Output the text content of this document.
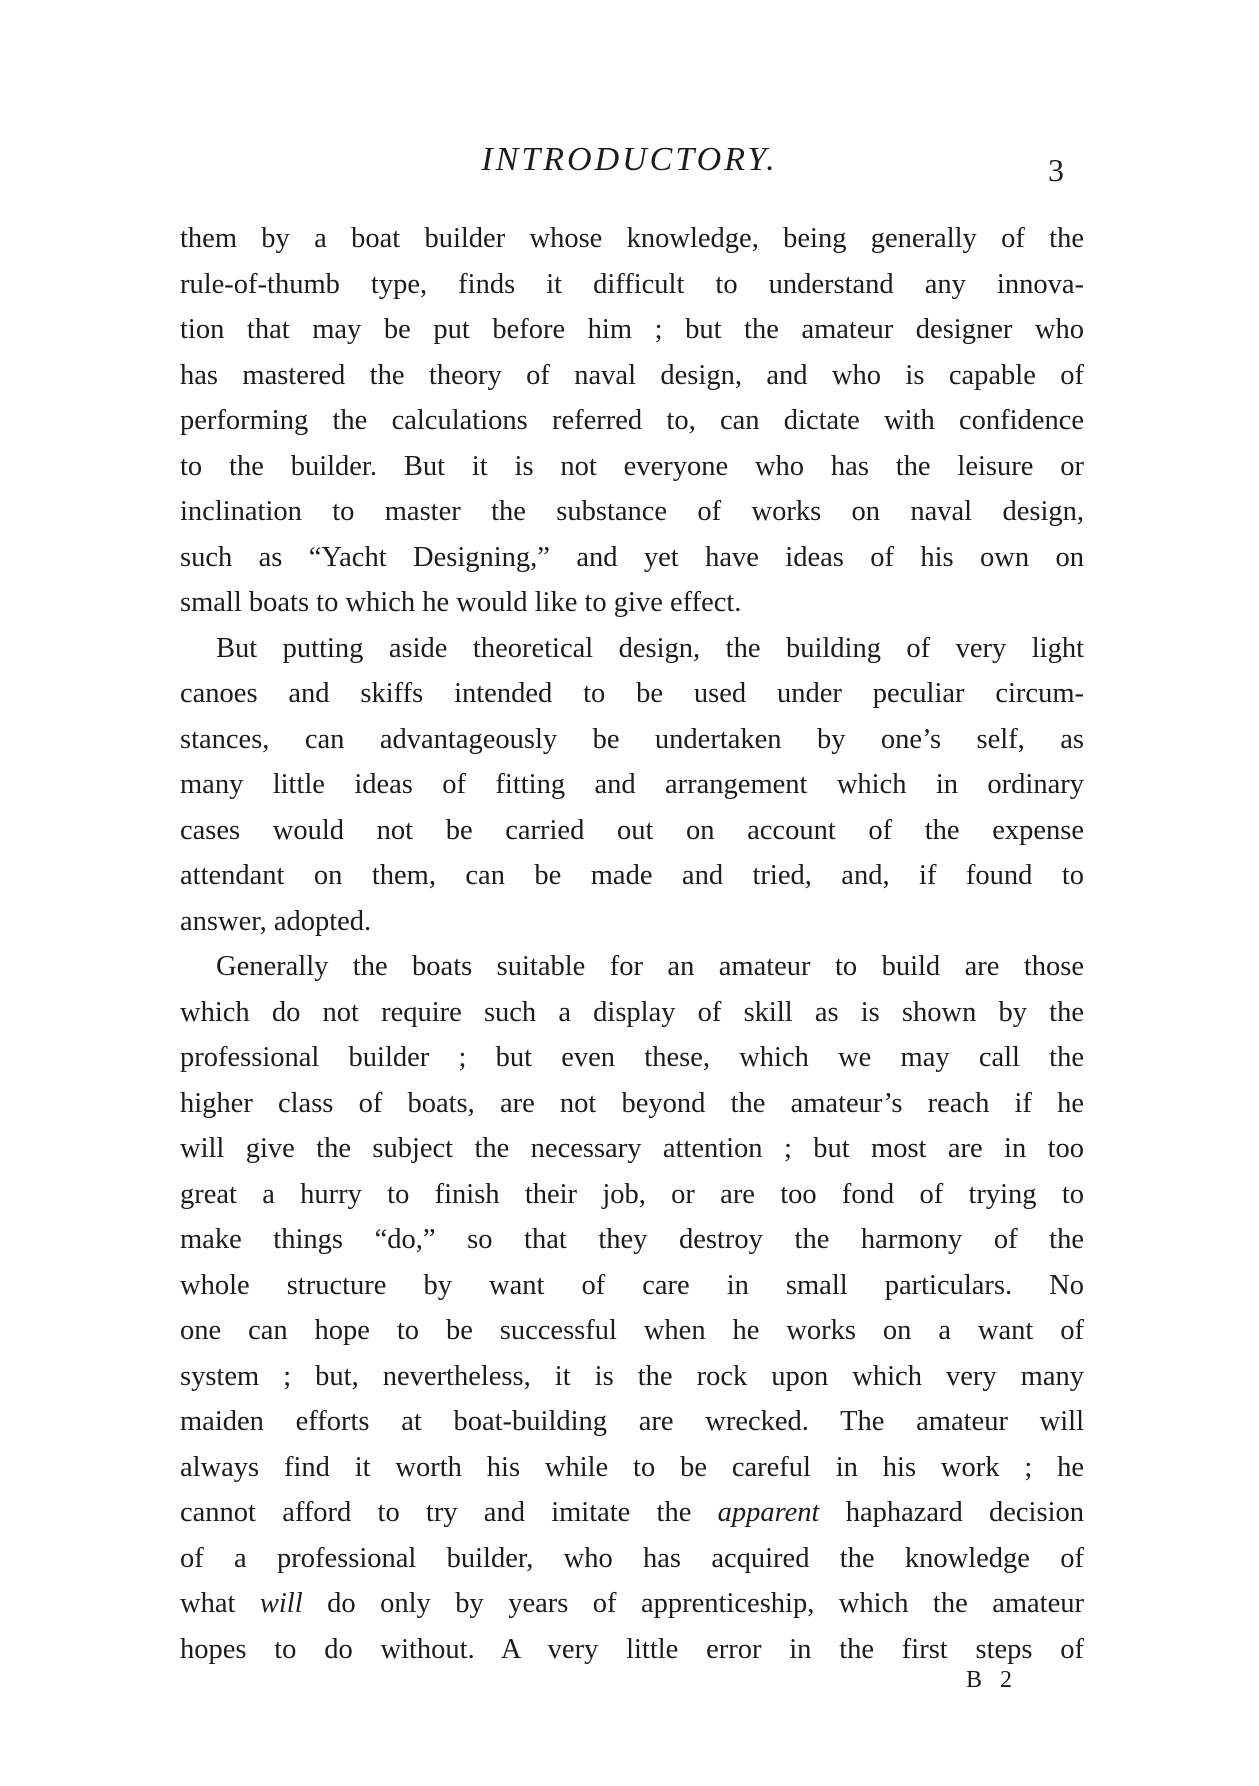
INTRODUCTORY.	3

them by a boat builder whose knowledge, being generally of the
rule-of-thumb type, finds it difficult to understand any innova-
tion that may be put before him ; but the amateur designer who
has mastered the theory of naval design, and who is capable of
performing the calculations referred to, can dictate with confidence
to the builder. But it is not everyone who has the leisure or
inclination to master the substance of works on naval design,
such as “Yacht Designing,” and yet have ideas of his own on
small boats to which he would like to give effect.

But putting aside theoretical design, the building of very light
canoes and skiffs intended to be used under peculiar circum-
stances, can advantageously be undertaken by one’s self, as
many little ideas of fitting and arrangement which in ordinary
cases would not be carried out on account of the expense
attendant on them, can be made and tried, and, if found to
answer, adopted.

Generally the boats suitable for an amateur to build are those
which do not require such a display of skill as is shown by the
professional builder ; but even these, which we may call the
higher class of boats, are not beyond the amateur’s reach if he
will give the subject the necessary attention ; but most are in too
great a hurry to finish their job, or are too fond of trying to
make things “do,” so that they destroy the harmony of the
whole structure by want of care in small particulars. No
one can hope to be successful when he works on a want of
system ; but, nevertheless, it is the rock upon which very many
maiden efforts at boat-building are wrecked. The amateur will
always find it worth his while to be careful in his work ; he
cannot afford to try and imitate the apparent haphazard decision
of a professional builder, who has acquired the knowledge of
what will do only by years of apprenticeship, which the amateur
hopes to do without. A very little error in the first steps of

B 2
